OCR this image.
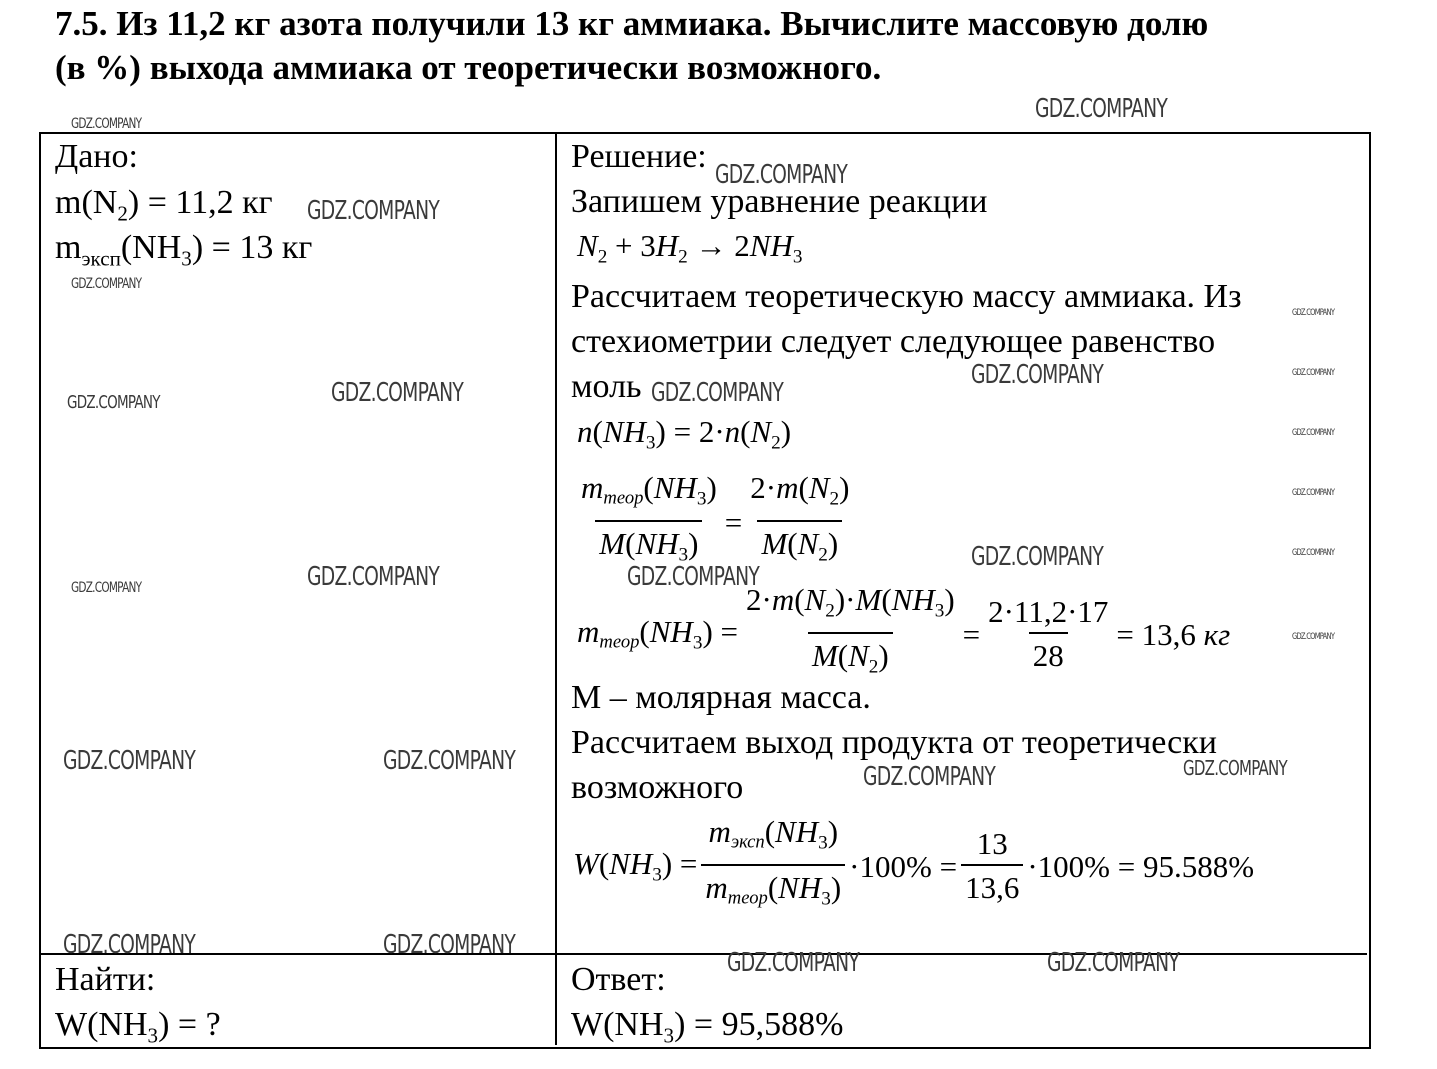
7.5. Из 11,2 кг азота получили 13 кг аммиака. Вычислите массовую долю
(в %) выхода аммиака от теоретически возможного.
Дано:
$m(N_2) = 11,2$ кг
$m_{эксп}(NH_3) = 13$ кг
Найти:
$W(NH_3)$ = ?
Решение:
Запишем уравнение реакции
$N_2 + 3H_2 \to 2NH_3$
Рассчитаем теоретическую массу аммиака. Из
стехиометрии следует следующее равенство
моль
$n(NH_3) = 2\cdot n(N_2)$
$\frac{mтеор(NH_3)}{M(NH_3)} = \frac{2\cdot m(N_2)}{M(N_2)}$
$mтеор(NH_3) = \frac{2\cdot m(N_2)\cdot M(NH_3)}{M(N_2)} = \frac{2\cdot 11,2\cdot 17}{28} = 13,6$ кг
M – молярная масса.
Рассчитаем выход продукта от теоретически
возможного
$W(NH_3) = \frac{mэксп(NH_3)}{mтеор(NH_3)} \cdot 100\% = \frac{13}{13,6} \cdot 100\% = 95.588\%$
Ответ:
$W(NH_3) = 95,588\%$
GDZ.COMPANY
GDZ.COMPANY
GDZ.COMPANY
GDZ.COMPANY
GDZ.COMPANY
GDZ.COMPANY
GDZ.COMPANY	GDZ.COMPANY
GDZ.COMPANY	GDZ.COMPANY
GDZ.COMPANY
GDZ.COMPANY
GDZ.COMPANY
GDZ.COMPANY
GDZ.COMPANY
GDZ.COMPANY
GDZ.COMPANY
GDZ.COMPANY
GDZ.COMPANY
GDZ.COMPANY	GDZ.COMPANY	GDZ.COMPANY
GDZ.COMPANY
GDZ.COMPANY	GDZ.COMPANY
GDZ.COMPANY	GDZ.COMPANY
